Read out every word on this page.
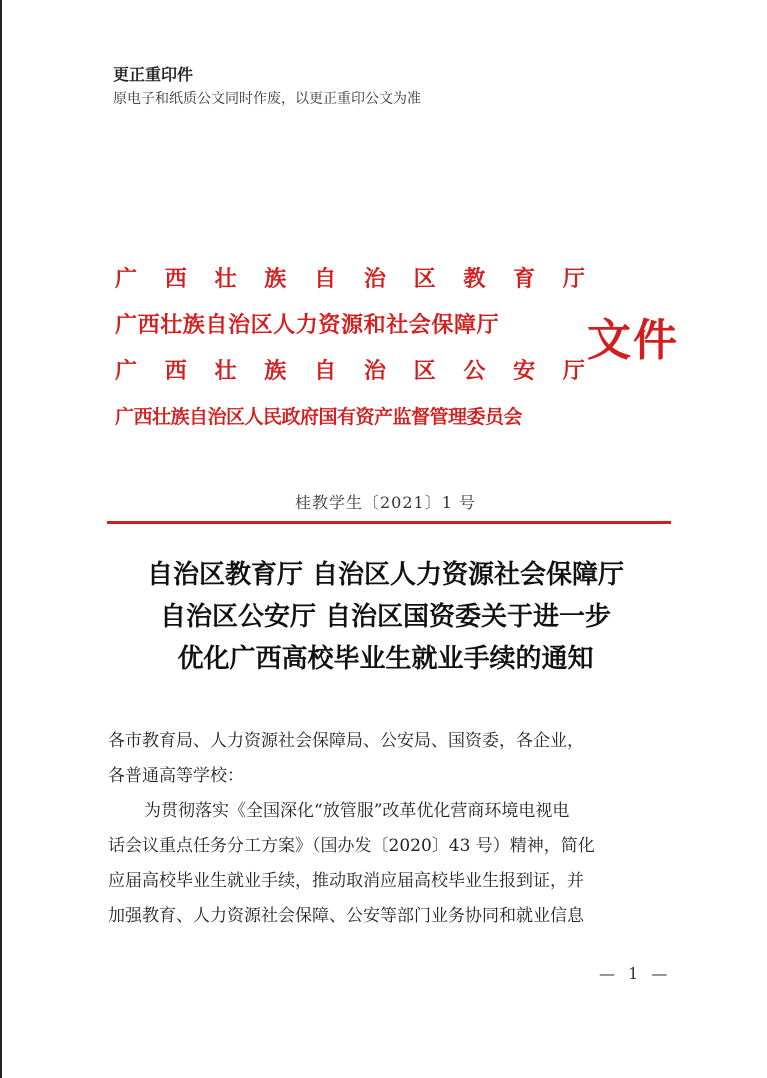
更正重印件
原电子和纸质公文同时作废，以更正重印公文为准
广 西 壮 族 自 治 区 教 育 厅
广西壮族自治区人力资源和社会保障厅
广 西 壮 族 自 治 区 公 安 厅
广西壮族自治区人民政府国有资产监督管理委员会
文件
桂教学生〔2021〕1 号
自治区教育厅 自治区人力资源社会保障厅
自治区公安厅 自治区国资委关于进一步
优化广西高校毕业生就业手续的通知
各市教育局、人力资源社会保障局、公安局、国资委，各企业，
各普通高等学校：
为贯彻落实《全国深化“放管服”改革优化营商环境电视电
话会议重点任务分工方案》（国办发〔2020〕43 号）精神，简化
应届高校毕业生就业手续，推动取消应届高校毕业生报到证，并
加强教育、人力资源社会保障、公安等部门业务协同和就业信息
— 1 —
